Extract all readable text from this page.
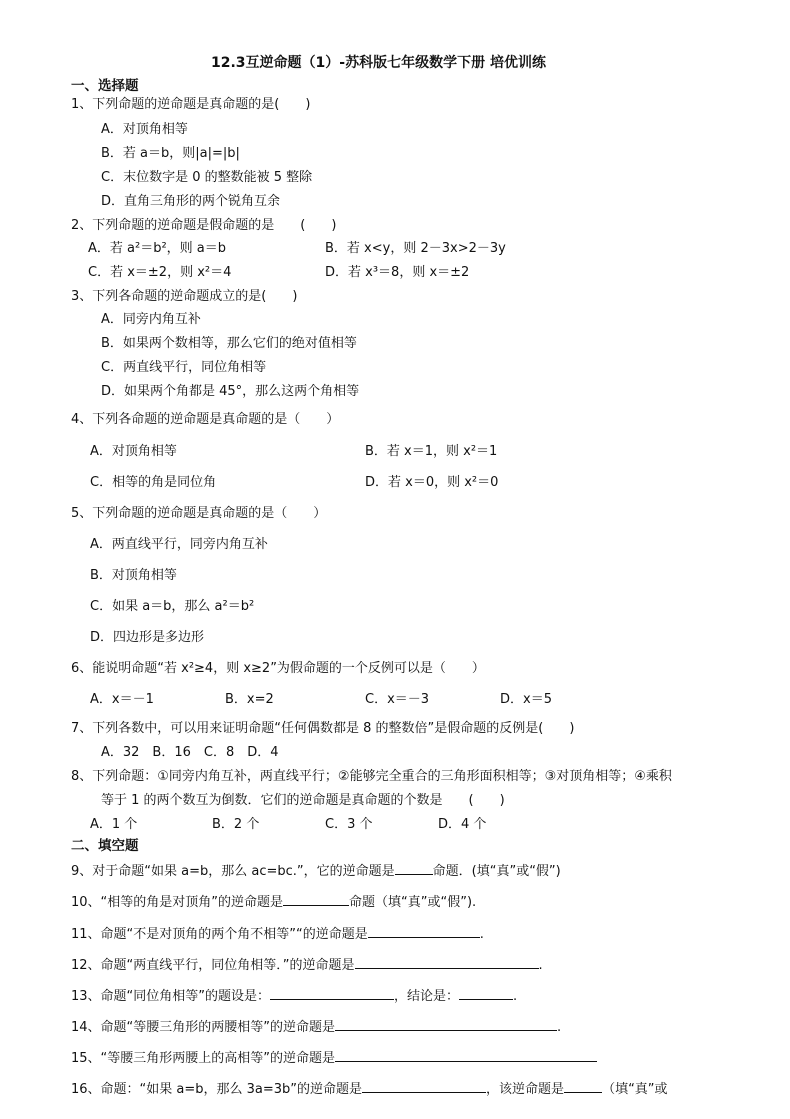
12.3互逆命题（1）-苏科版七年级数学下册 培优训练
一、选择题
1、下列命题的逆命题是真命题的是(　　)
A．对顶角相等
B．若 a＝b，则|a|=|b|
C．末位数字是 0 的整数能被 5 整除
D．直角三角形的两个锐角互余
2、下列命题的逆命题是假命题的是　　(　　)
A．若 a²＝b²，则 a＝b	B．若 x<y，则 2－3x>2－3y
C．若 x＝±2，则 x²＝4	D．若 x³＝8，则 x＝±2
3、下列各命题的逆命题成立的是(　　)
A．同旁内角互补
B．如果两个数相等，那么它们的绝对值相等
C．两直线平行，同位角相等
D．如果两个角都是 45°，那么这两个角相等
4、下列各命题的逆命题是真命题的是（　　）
A．对顶角相等	B．若 x＝1，则 x²＝1
C．相等的角是同位角	D．若 x＝0，则 x²＝0
5、下列命题的逆命题是真命题的是（　　）
A．两直线平行，同旁内角互补
B．对顶角相等
C．如果 a＝b，那么 a²＝b²
D．四边形是多边形
6、能说明命题“若 x²≥4，则 x≥2”为假命题的一个反例可以是（　　）
A．x＝－1	B．x=2	C．x＝－3	D．x＝5
7、下列各数中，可以用来证明命题“任何偶数都是 8 的整数倍”是假命题的反例是(　　)
A．32　B．16　C．8　D．4
8、下列命题：①同旁内角互补，两直线平行；②能够完全重合的三角形面积相等；③对顶角相等；④乘积
等于 1 的两个数互为倒数．它们的逆命题是真命题的个数是　　(　　)
A．1 个	B．2 个	C．3 个	D．4 个
二、填空题
9、对于命题“如果 a=b，那么 ac=bc.”，它的逆命题是	命题．(填“真”或“假”)
10、“相等的角是对顶角”的逆命题是	命题（填“真”或“假”).
11、命题“不是对顶角的两个角不相等”“的逆命题是	.
12、命题“两直线平行，同位角相等．”的逆命题是	.
13、命题“同位角相等”的题设是：	，结论是：	.
14、命题“等腰三角形的两腰相等”的逆命题是	.
15、“等腰三角形两腰上的高相等”的逆命题是
16、命题：“如果 a=b，那么 3a=3b”的逆命题是	，该逆命题是	（填“真”或
